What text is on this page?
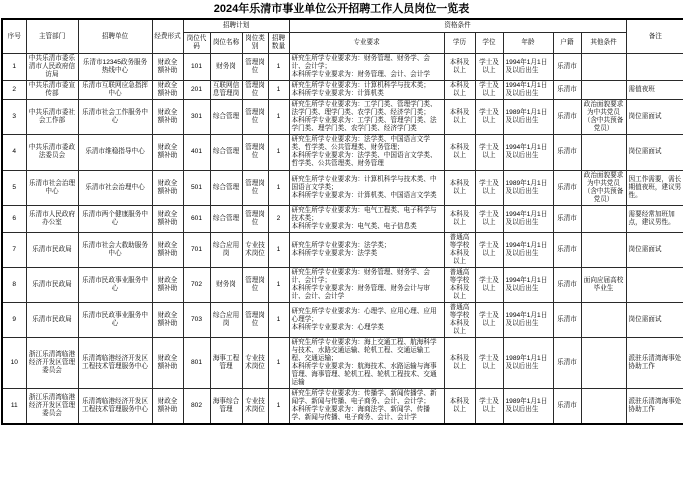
2024年乐清市事业单位公开招聘工作人员岗位一览表
序号	主管部门	招聘单位	经费形式	招聘计划				资格条件						备注
				岗位代码	岗位名称	岗位类别	招聘数量	专业要求	学历	学位	年龄	户籍	其他条件	
1	中共乐清市委乐清市人民政府信访局	乐清市12345政务服务热线中心	财政全额补助	101	财务岗	管理岗位	1	研究生所学专业要求为：财务管理、财务学、会计、会计学；
本科所学专业要求为：财务管理、会计、会计学	本科及以上	学士及以上	1994年1月1日及以后出生	乐清市		
2	中共乐清市委宣传部	乐清市互联网应急指挥中心	财政全额补助	201	互联网信息管理岗	管理岗位	1	研究生所学专业要求为：计算机科学与技术类；
本科所学专业要求为：计算机类	本科及以上	学士及以上	1994年1月1日及以后出生	乐清市		需值夜班
3	中共乐清市委社会工作部	乐清市社会工作服务中心	财政全额补助	301	综合管理	管理岗位	1	研究生所学专业要求为：工学门类、管理学门类、法学门类、理学门类、农学门类、经济学门类；
本科所学专业要求为：工学门类、管理学门类、法学门类、理学门类、农学门类、经济学门类	本科及以上	学士及以上	1989年1月1日及以后出生	乐清市	政治面貌要求为中共党员（含中共预备党员）	岗位需面试
4	中共乐清市委政法委员会	乐清市维稳指导中心	财政全额补助	401	综合管理	管理岗位	1	研究生所学专业要求为：法学类、中国语言文学类、哲学类、公共管理类、财务管理；
本科所学专业要求为：法学类、中国语言文学类、哲学类、公共管理类、财务管理	本科及以上	学士及以上	1994年1月1日及以后出生	乐清市		岗位需面试
5	乐清市社会治理中心	乐清市社会治理中心	财政全额补助	501	综合管理	管理岗位	1	研究生所学专业要求为：计算机科学与技术类、中国语言文学类；
本科所学专业要求为：计算机类、中国语言文学类	本科及以上	学士及以上	1989年1月1日及以后出生	乐清市	政治面貌要求为中共党员（含中共预备党员）	因工作需要，需长期值夜班，建议男性。
6	乐清市人民政府办公室	乐清市两个健康服务中心	财政全额补助	601	综合管理	管理岗位	2	研究生所学专业要求为：电气工程类、电子科学与技术类；
本科所学专业要求为：电气类、电子信息类	本科及以上	学士及以上	1994年1月1日及以后出生	乐清市		需要经常加班加点，建议男性。
7	乐清市民政局	乐清市社会大救助服务中心	财政全额补助	701	综合应用岗	专业技术岗位	1	研究生所学专业要求为：法学类；
本科所学专业要求为：法学类	普通高等学校本科及以上	学士及以上	1994年1月1日及以后出生	乐清市		岗位需面试
8	乐清市民政局	乐清市民政事业服务中心	财政全额补助	702	财务岗	管理岗位	1	研究生所学专业要求为：财务管理、财务学、会计、会计学；
本科所学专业要求为：财务管理、财务会计与审计、会计、会计学	普通高等学校本科及以上	学士及以上	1994年1月1日及以后出生	乐清市	面向应届高校毕业生	
9	乐清市民政局	乐清市民政事业服务中心	财政全额补助	703	综合应用岗	管理岗位	1	研究生所学专业要求为：心理学、应用心理、应用心理学；
本科所学专业要求为：心理学类	普通高等学校本科及以上	学士及以上	1994年1月1日及以后出生	乐清市		岗位需面试
10	浙江乐清湾临港经济开发区管理委员会	乐清湾临港经济开发区工程技术管理服务中心	财政全额补助	801	海事工程管理	专业技术岗位	1	研究生所学专业要求为：海上交通工程、航海科学与技术、水路交通运输、轮机工程、交通运输工程、交通运输；
本科所学专业要求为：航海技术、水路运输与海事管理、海事管理、轮机工程、轮机工程技术、交通运输	本科及以上	学士及以上	1989年1月1日及以后出生	乐清市		派驻乐清湾海事处协助工作
11	浙江乐清湾临港经济开发区管理委员会	乐清湾临港经济开发区工程技术管理服务中心	财政全额补助	802	海事综合管理	专业技术岗位	1	研究生所学专业要求为：传播学、新闻传播学、新闻学、新闻与传播、电子商务、会计、会计学；
本科所学专业要求为：海商法学、新闻学、传播学、新闻与传播、电子商务、会计、会计学	本科及以上	学士及以上	1989年1月1日及以后出生	乐清市		派驻乐清湾海事处协助工作
